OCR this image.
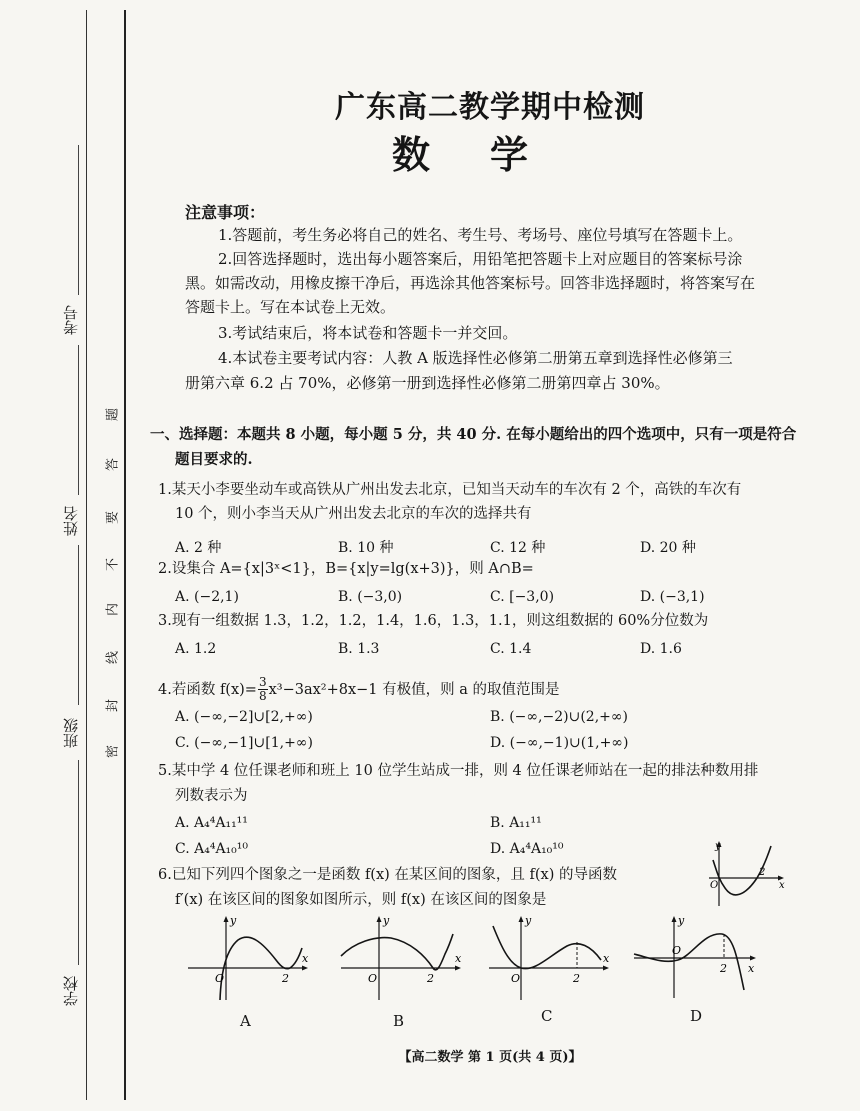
考号
姓名
班级
学校
题
答
要
不
内
线
封
密
广东高二教学期中检测
数学
注意事项：
1.答题前，考生务必将自己的姓名、考生号、考场号、座位号填写在答题卡上。
2.回答选择题时，选出每小题答案后，用铅笔把答题卡上对应题目的答案标号涂
黑。如需改动，用橡皮擦干净后，再选涂其他答案标号。回答非选择题时，将答案写在
答题卡上。写在本试卷上无效。
3.考试结束后，将本试卷和答题卡一并交回。
4.本试卷主要考试内容：人教 A 版选择性必修第二册第五章到选择性必修第三
册第六章 6.2 占 70%，必修第一册到选择性必修第二册第四章占 30%。
一、选择题：本题共 8 小题，每小题 5 分，共 40 分. 在每小题给出的四个选项中，只有一项是符合
题目要求的.
1.某天小李要坐动车或高铁从广州出发去北京，已知当天动车的车次有 2 个，高铁的车次有
10 个，则小李当天从广州出发去北京的车次的选择共有
A. 2 种	B. 10 种	C. 12 种	D. 20 种
2.设集合 A={x|3ˣ<1}，B={x|y=lg(x+3)}，则 A∩B=
A. (−2,1)	B. (−3,0)	C. [−3,0)	D. (−3,1)
3.现有一组数据 1.3，1.2，1.2，1.4，1.6，1.3，1.1，则这组数据的 60%分位数为
A. 1.2	B. 1.3	C. 1.4	D. 1.6
4.若函数 $f(x)= \frac{3}{8} x^3-3ax^2+8x-1$ 有极值，则 a 的取值范围是
A. (−∞,−2]∪[2,+∞)	B. (−∞,−2)∪(2,+∞)
C. (−∞,−1]∪[1,+∞)	D. (−∞,−1)∪(1,+∞)
5.某中学 4 位任课老师和班上 10 位学生站成一排，则 4 位任课老师站在一起的排法种数用排
列数表示为
A. A₄⁴A₁₁¹¹	B. A₁₁¹¹
C. A₄⁴A₁₀¹⁰	D. A₄⁴A₁₀¹⁰
6.已知下列四个图象之一是函数 f(x) 在某区间的图象，且 f(x) 的导函数
f′(x) 在该区间的图象如图所示，则 f(x) 在该区间的图象是
y
x
O
2
y
x
O	2
A
y
x
O	2
B
y
x
O	2
C
y
x
O
2
D
【高二数学 第 1 页(共 4 页)】
